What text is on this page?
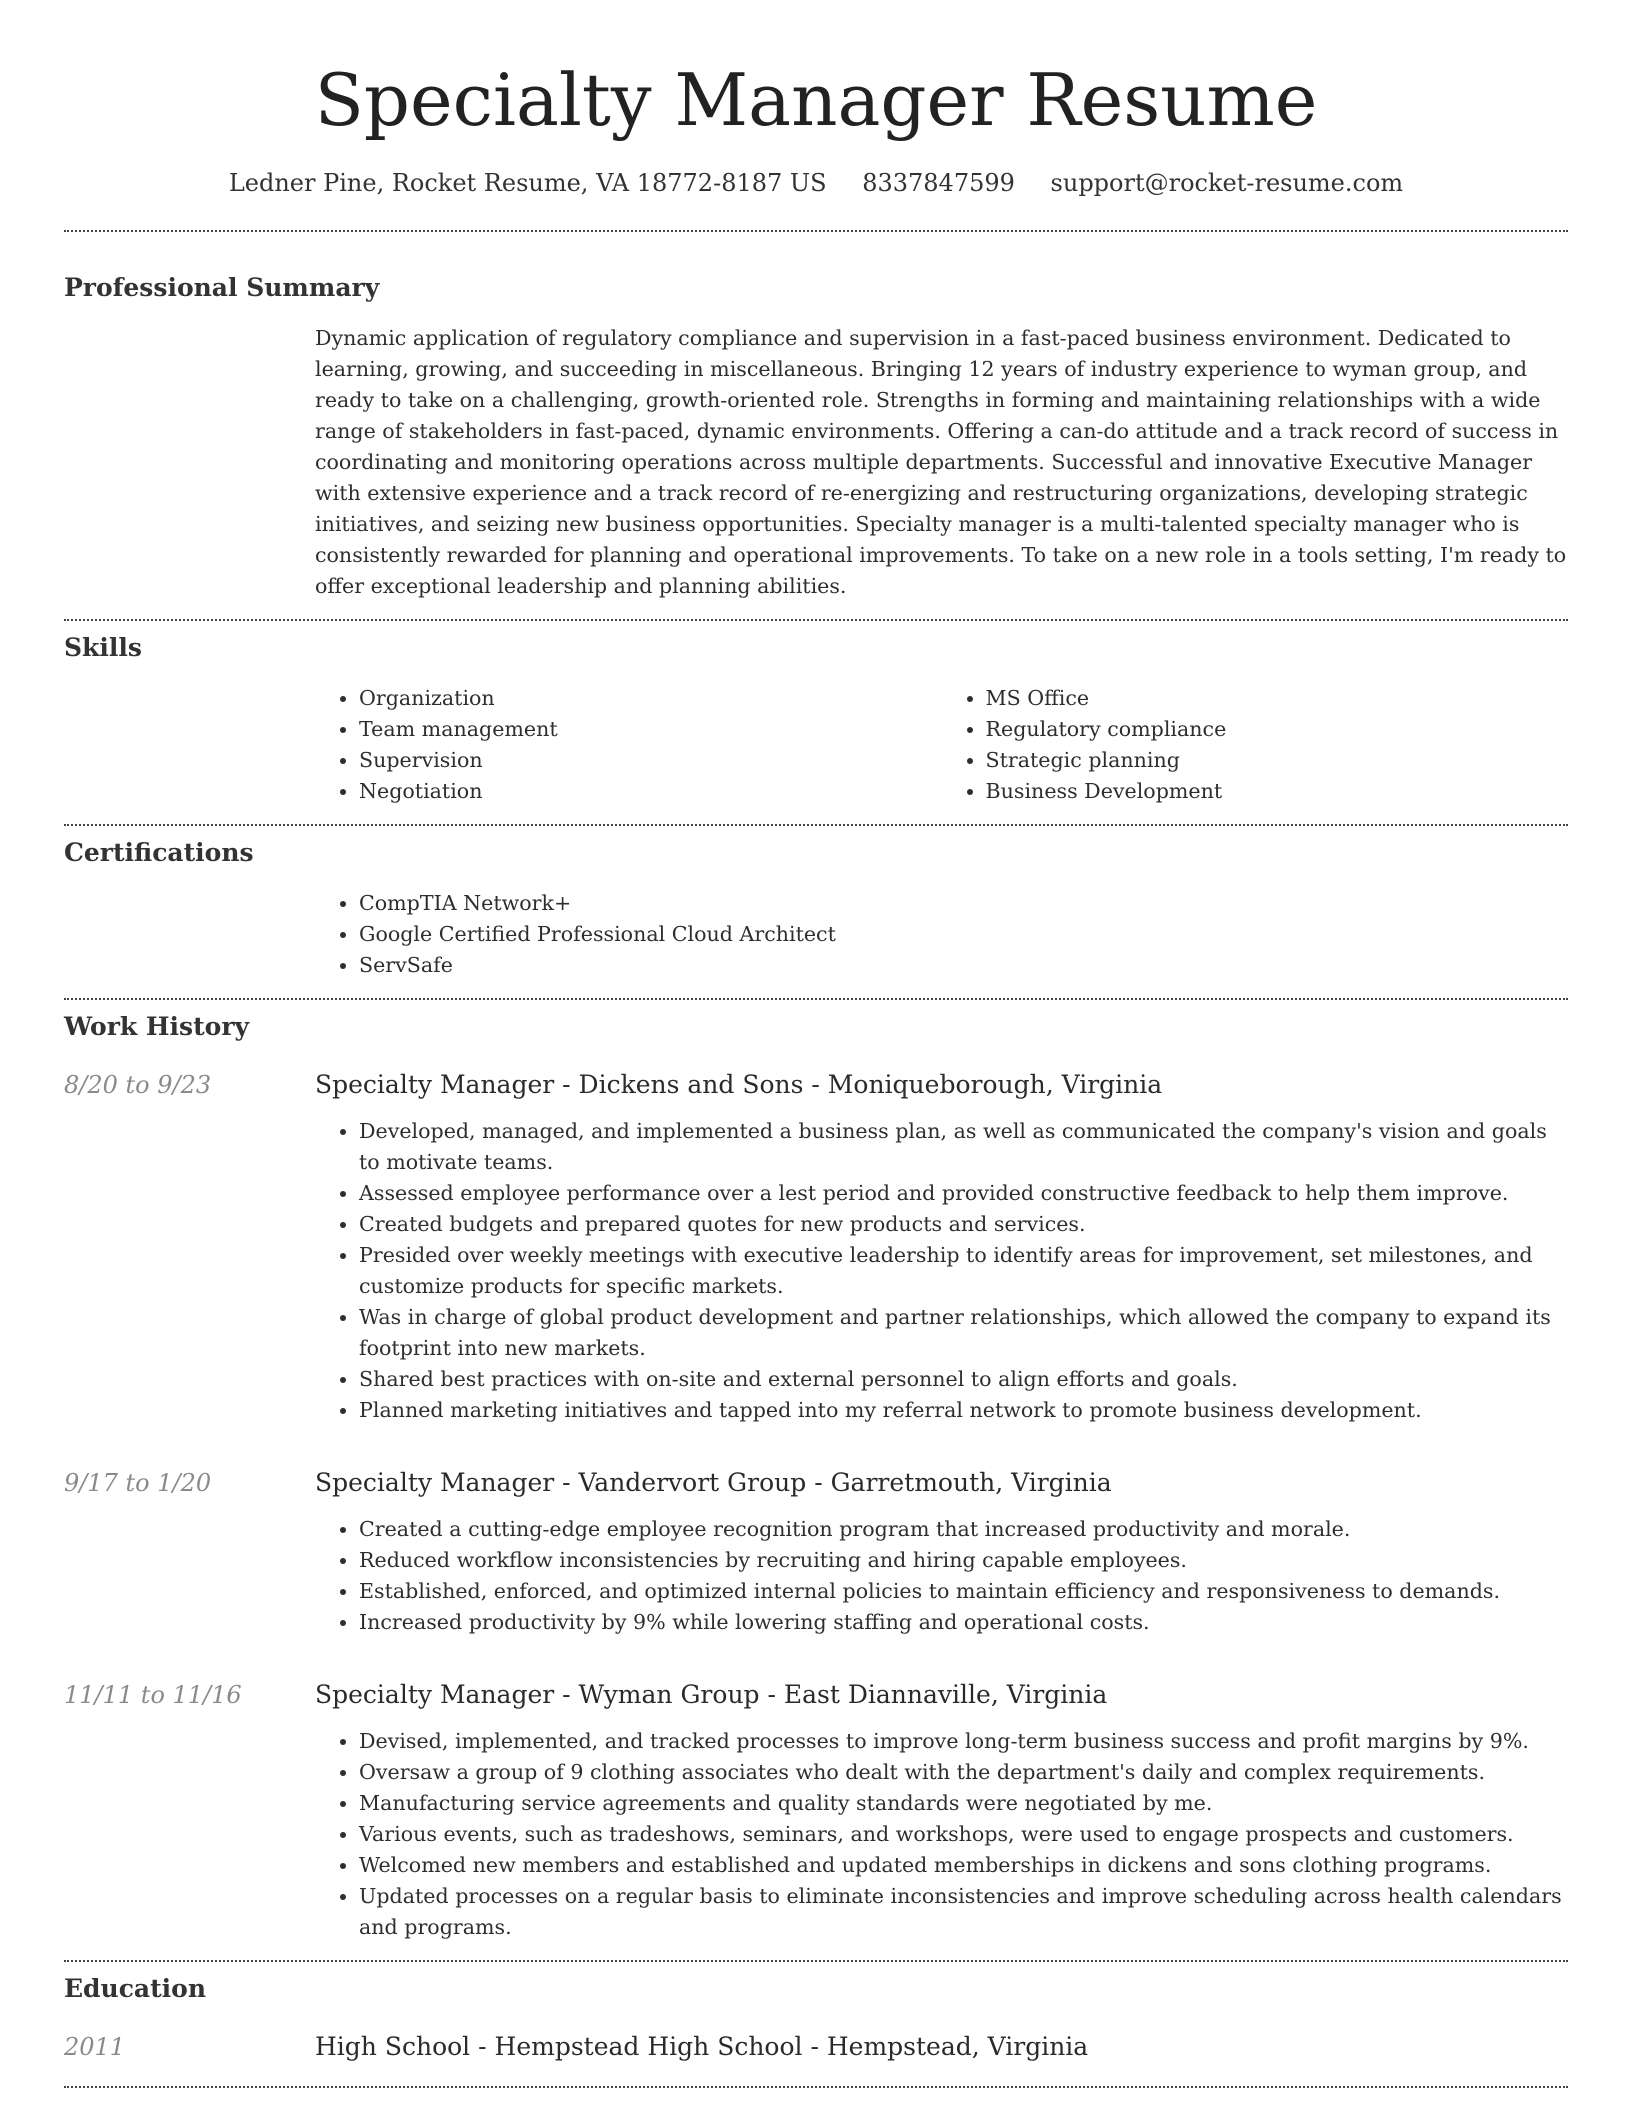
Specialty Manager Resume
Ledner Pine, Rocket Resume, VA 18772-8187 US 8337847599 support@rocket-resume.com
Professional Summary
Dynamic application of regulatory compliance and supervision in a fast-paced business environment. Dedicated to learning, growing, and succeeding in miscellaneous. Bringing 12 years of industry experience to wyman group, and ready to take on a challenging, growth-oriented role. Strengths in forming and maintaining relationships with a wide range of stakeholders in fast-paced, dynamic environments. Offering a can-do attitude and a track record of success in coordinating and monitoring operations across multiple departments. Successful and innovative Executive Manager with extensive experience and a track record of re-energizing and restructuring organizations, developing strategic initiatives, and seizing new business opportunities. Specialty manager is a multi-talented specialty manager who is consistently rewarded for planning and operational improvements. To take on a new role in a tools setting, I'm ready to offer exceptional leadership and planning abilities.
Skills
• Organization
• Team management
• Supervision
• Negotiation
• MS Office
• Regulatory compliance
• Strategic planning
• Business Development
Certifications
• CompTIA Network+
• Google Certified Professional Cloud Architect
• ServSafe
Work History
8/20 to 9/23	Specialty Manager - Dickens and Sons - Moniqueborough, Virginia
• Developed, managed, and implemented a business plan, as well as communicated the company's vision and goals to motivate teams.
• Assessed employee performance over a lest period and provided constructive feedback to help them improve.
• Created budgets and prepared quotes for new products and services.
• Presided over weekly meetings with executive leadership to identify areas for improvement, set milestones, and customize products for specific markets.
• Was in charge of global product development and partner relationships, which allowed the company to expand its footprint into new markets.
• Shared best practices with on-site and external personnel to align efforts and goals.
• Planned marketing initiatives and tapped into my referral network to promote business development.
9/17 to 1/20	Specialty Manager - Vandervort Group - Garretmouth, Virginia
• Created a cutting-edge employee recognition program that increased productivity and morale.
• Reduced workflow inconsistencies by recruiting and hiring capable employees.
• Established, enforced, and optimized internal policies to maintain efficiency and responsiveness to demands.
• Increased productivity by 9% while lowering staffing and operational costs.
11/11 to 11/16	Specialty Manager - Wyman Group - East Diannaville, Virginia
• Devised, implemented, and tracked processes to improve long-term business success and profit margins by 9%.
• Oversaw a group of 9 clothing associates who dealt with the department's daily and complex requirements.
• Manufacturing service agreements and quality standards were negotiated by me.
• Various events, such as tradeshows, seminars, and workshops, were used to engage prospects and customers.
• Welcomed new members and established and updated memberships in dickens and sons clothing programs.
• Updated processes on a regular basis to eliminate inconsistencies and improve scheduling across health calendars and programs.
Education
2011	High School - Hempstead High School - Hempstead, Virginia
